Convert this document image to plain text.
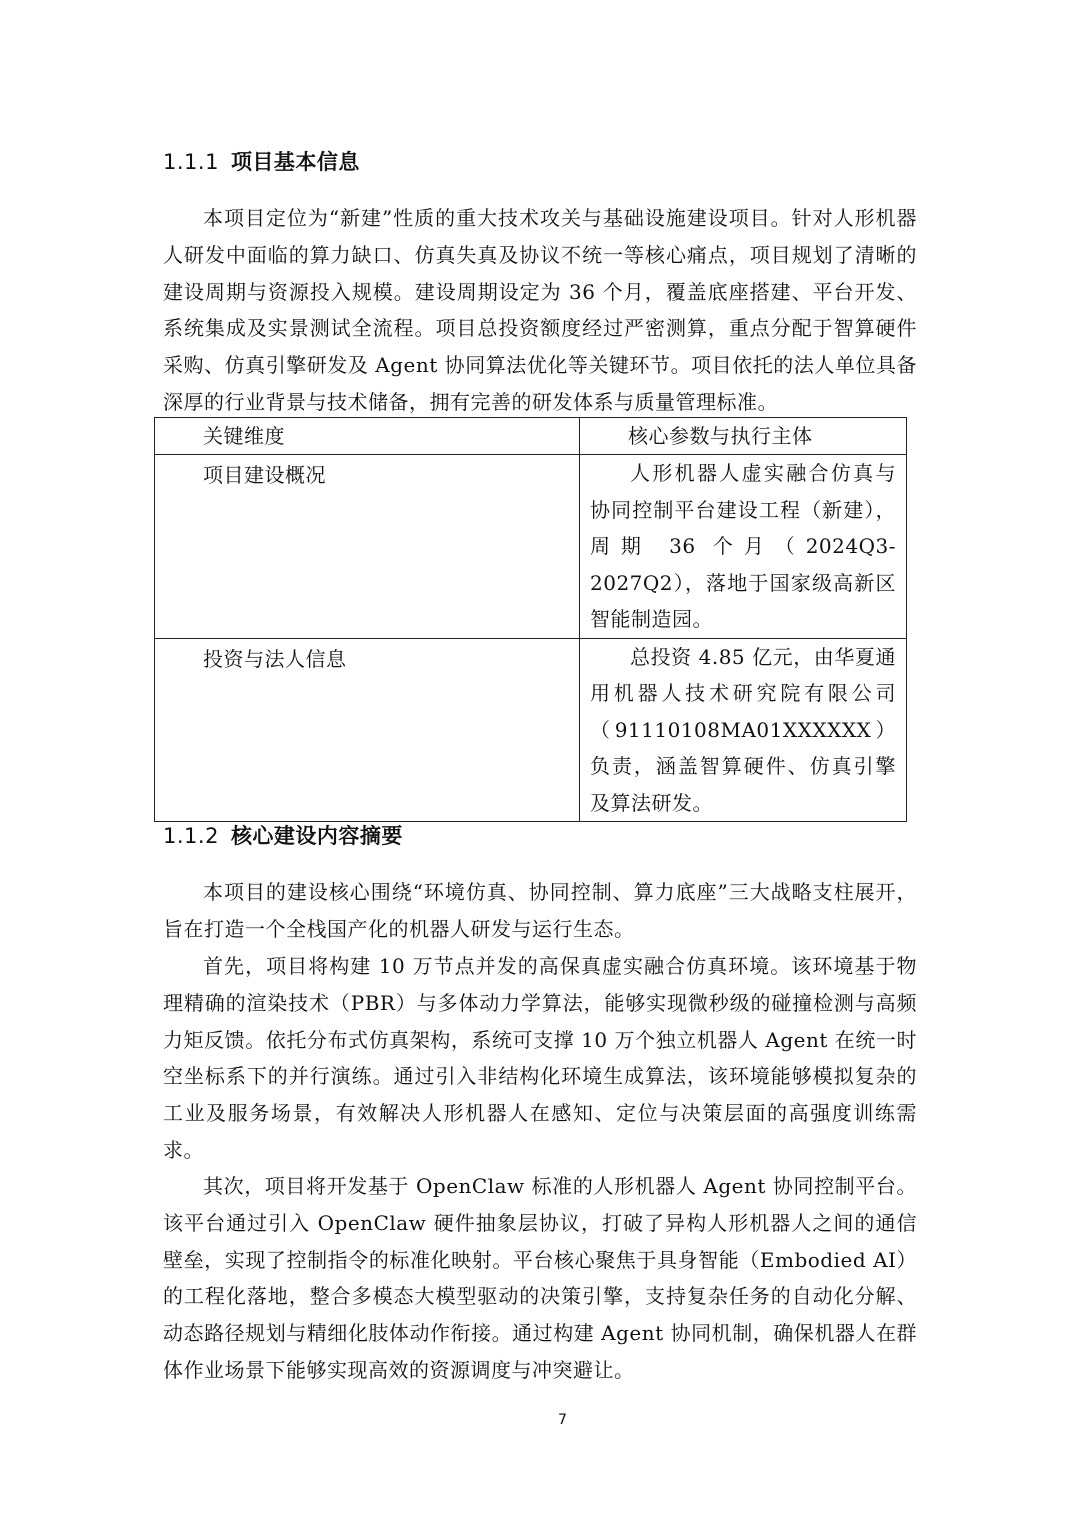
1.1.1 项目基本信息
本项目定位为“新建”性质的重大技术攻关与基础设施建设项目。针对人形机器人研发中面临的算力缺口、仿真失真及协议不统一等核心痛点，项目规划了清晰的建设周期与资源投入规模。建设周期设定为 36 个月，覆盖底座搭建、平台开发、系统集成及实景测试全流程。项目总投资额度经过严密测算，重点分配于智算硬件采购、仿真引擎研发及 Agent 协同算法优化等关键环节。项目依托的法人单位具备深厚的行业背景与技术储备，拥有完善的研发体系与质量管理标准。
关键维度	核心参数与执行主体
项目建设概况	人形机器人虚实融合仿真与协同控制平台建设工程（新建），周期 36 个月（2024Q3-2027Q2），落地于国家级高新区智能制造园。
投资与法人信息	总投资 4.85 亿元，由华夏通用机器人技术研究院有限公司（91110108MA01XXXXXX）负责，涵盖智算硬件、仿真引擎及算法研发。
1.1.2 核心建设内容摘要
本项目的建设核心围绕“环境仿真、协同控制、算力底座”三大战略支柱展开，旨在打造一个全栈国产化的机器人研发与运行生态。
首先，项目将构建 10 万节点并发的高保真虚实融合仿真环境。该环境基于物理精确的渲染技术（PBR）与多体动力学算法，能够实现微秒级的碰撞检测与高频力矩反馈。依托分布式仿真架构，系统可支撑 10 万个独立机器人 Agent 在统一时空坐标系下的并行演练。通过引入非结构化环境生成算法，该环境能够模拟复杂的工业及服务场景，有效解决人形机器人在感知、定位与决策层面的高强度训练需求。
其次，项目将开发基于 OpenClaw 标准的人形机器人 Agent 协同控制平台。该平台通过引入 OpenClaw 硬件抽象层协议，打破了异构人形机器人之间的通信壁垒，实现了控制指令的标准化映射。平台核心聚焦于具身智能（Embodied AI）的工程化落地，整合多模态大模型驱动的决策引擎，支持复杂任务的自动化分解、动态路径规划与精细化肢体动作衔接。通过构建 Agent 协同机制，确保机器人在群体作业场景下能够实现高效的资源调度与冲突避让。
7
